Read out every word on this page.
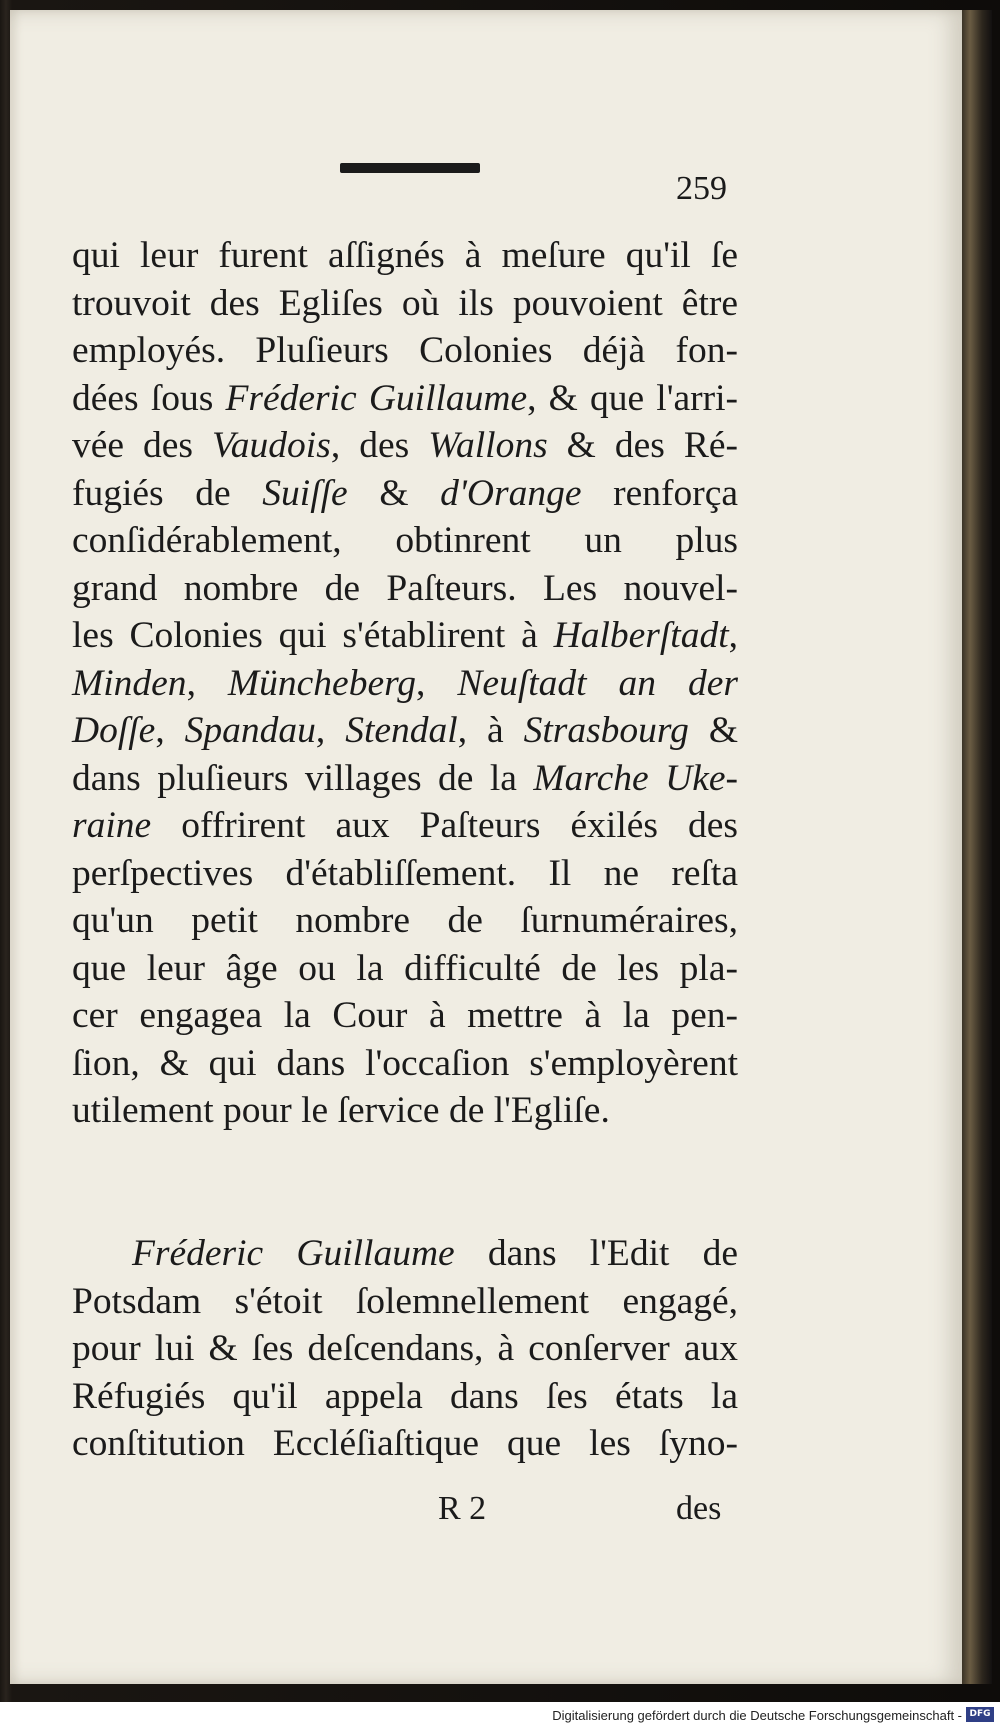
259
qui leur furent aſſignés à meſure qu'il ſe
trouvoit des Egliſes où ils pouvoient être
employés. Pluſieurs Colonies déjà fon-
dées ſous Fréderic Guillaume, & que l'arri-
vée des Vaudois, des Wallons & des Ré-
fugiés de Suiſſe & d'Orange renforça
conſidérablement, obtinrent un plus
grand nombre de Paſteurs. Les nouvel-
les Colonies qui s'établirent à Halberſtadt,
Minden, Müncheberg, Neuſtadt an der
Doſſe, Spandau, Stendal, à Strasbourg &
dans pluſieurs villages de la Marche Uke-
raine offrirent aux Paſteurs éxilés des
perſpectives d'établiſſement. Il ne reſta
qu'un petit nombre de ſurnuméraires,
que leur âge ou la difficulté de les pla-
cer engagea la Cour à mettre à la pen-
ſion, & qui dans l'occaſion s'employèrent
utilement pour le ſervice de l'Egliſe.
Fréderic Guillaume dans l'Edit de
Potsdam s'étoit ſolemnellement engagé,
pour lui & ſes deſcendans, à conſerver aux
Réfugiés qu'il appela dans ſes états la
conſtitution Eccléſiaſtique que les ſyno-
R 2	des
Digitalisierung gefördert durch die Deutsche Forschungsgemeinschaft - DFG
